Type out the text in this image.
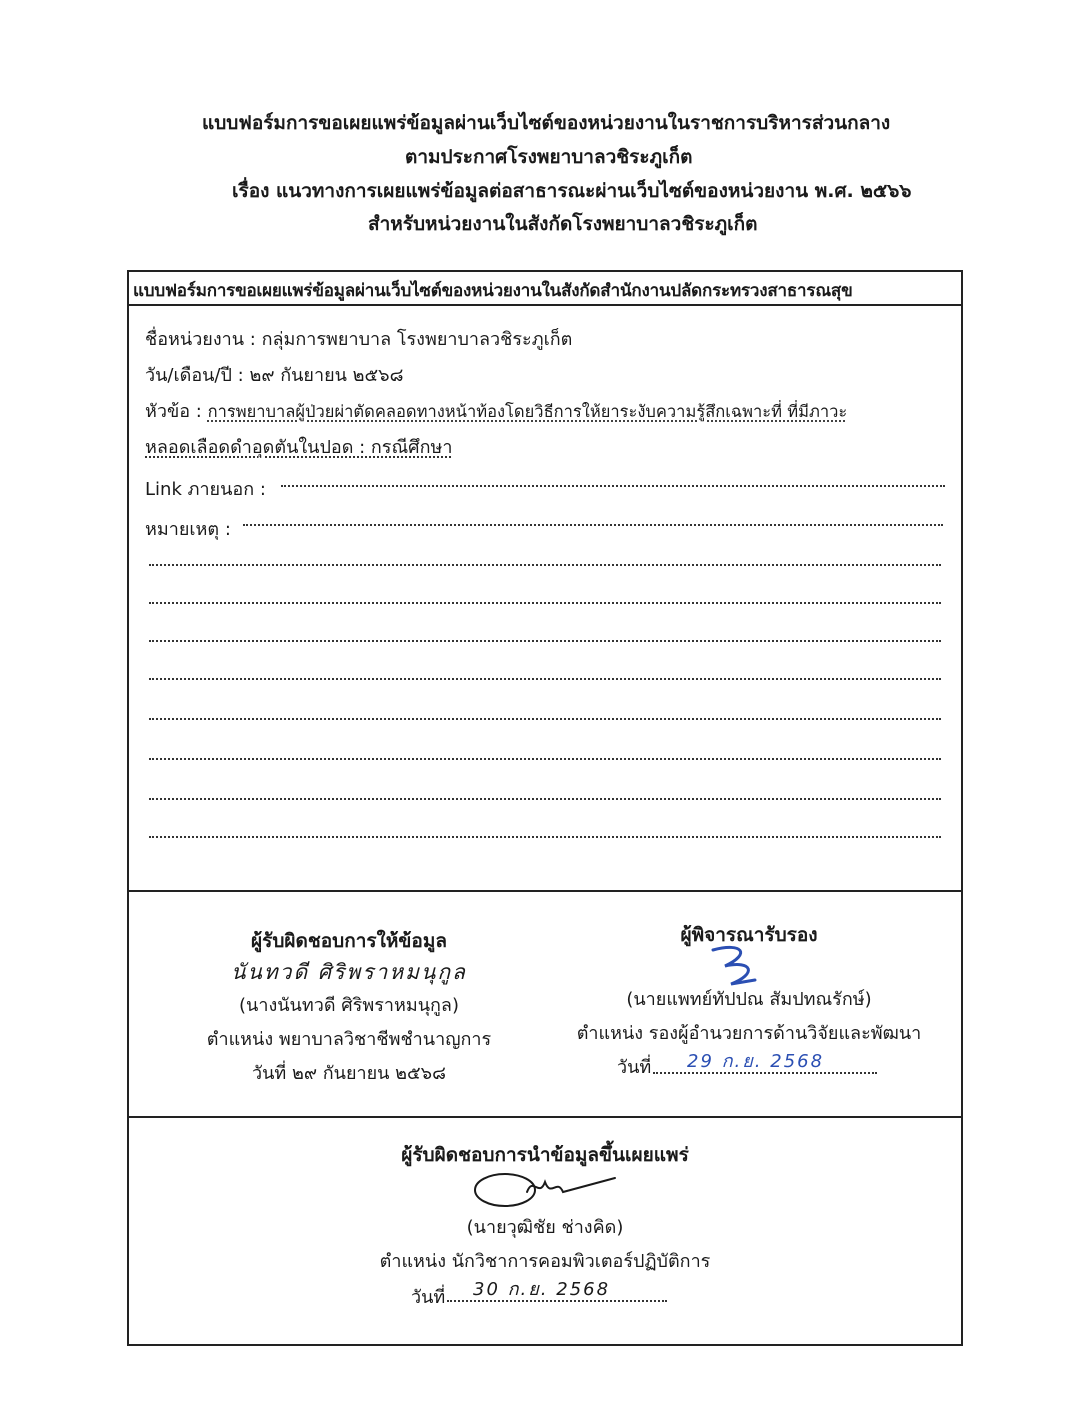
แบบฟอร์มการขอเผยแพร่ข้อมูลผ่านเว็บไซต์ของหน่วยงานในราชการบริหารส่วนกลาง
ตามประกาศโรงพยาบาลวชิระภูเก็ต
เรื่อง แนวทางการเผยแพร่ข้อมูลต่อสาธารณะผ่านเว็บไซต์ของหน่วยงาน พ.ศ. ๒๕๖๖
สำหรับหน่วยงานในสังกัดโรงพยาบาลวชิระภูเก็ต
แบบฟอร์มการขอเผยแพร่ข้อมูลผ่านเว็บไซต์ของหน่วยงานในสังกัดสำนักงานปลัดกระทรวงสาธารณสุข
ชื่อหน่วยงาน : กลุ่มการพยาบาล โรงพยาบาลวชิระภูเก็ต
วัน/เดือน/ปี : ๒๙ กันยายน ๒๕๖๘
หัวข้อ : การพยาบาลผู้ป่วยผ่าตัดคลอดทางหน้าท้องโดยวิธีการให้ยาระงับความรู้สึกเฉพาะที่ ที่มีภาวะ
หลอดเลือดดำอุดตันในปอด : กรณีศึกษา
Link ภายนอก :
หมายเหตุ :
ผู้รับผิดชอบการให้ข้อมูล
นันทวดี ศิริพราหมนุกูล
(นางนันทวดี ศิริพราหมนุกูล)
ตำแหน่ง พยาบาลวิชาชีพชำนาญการ
วันที่ ๒๙ กันยายน ๒๕๖๘
ผู้พิจารณารับรอง
(นายแพทย์ทัปปณ สัมปทณรักษ์)
ตำแหน่ง รองผู้อำนวยการด้านวิจัยและพัฒนา
วันที่ 29 ก.ย. 2568
ผู้รับผิดชอบการนำข้อมูลขึ้นเผยแพร่
(นายวุฒิชัย ช่างคิด)
ตำแหน่ง นักวิชาการคอมพิวเตอร์ปฏิบัติการ
วันที่ 30 ก.ย. 2568
